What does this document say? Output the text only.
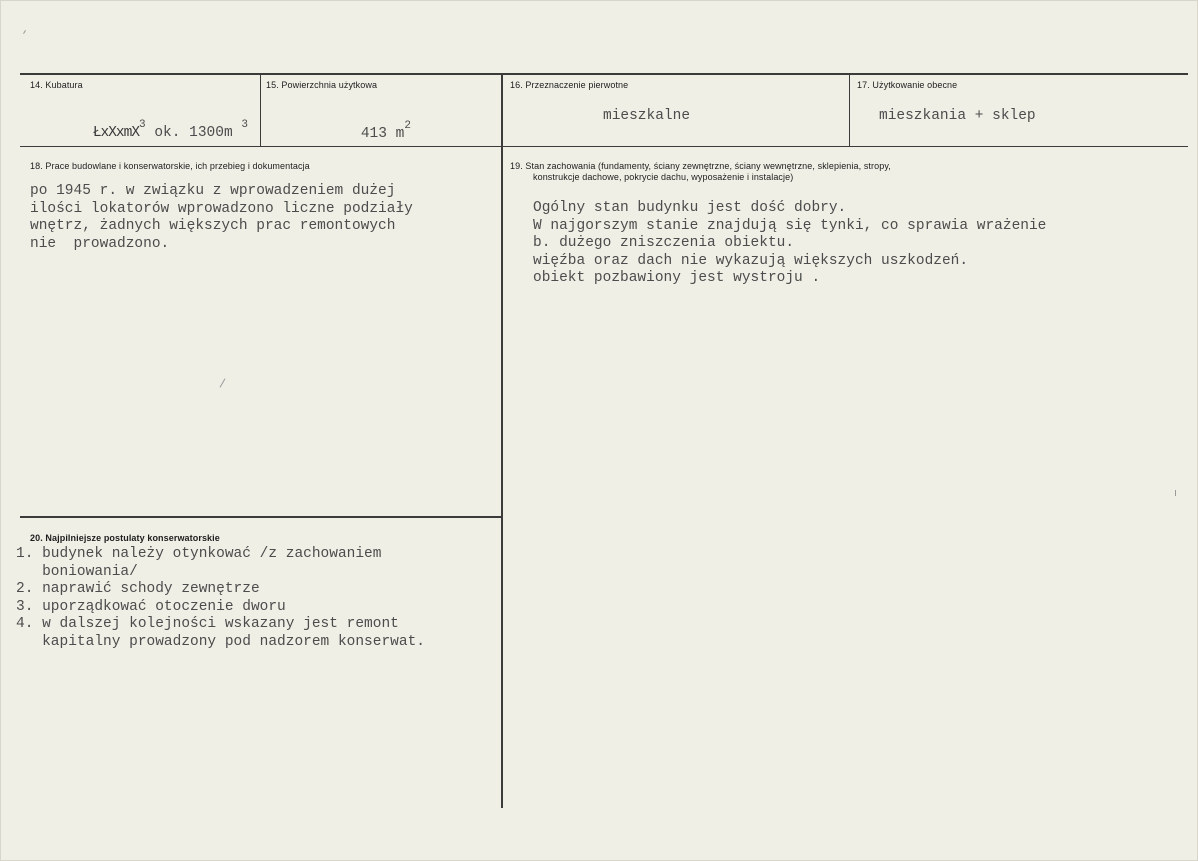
14. Kubatura

ŁxXxmX$^3$ ok. 1300m $^3$

15. Powierzchnia użytkowa

413 $m^2$

16. Przeznaczenie pierwotne
mieszkalne
17. Użytkowanie obecne
mieszkania + sklep
18. Prace budowlane i konserwatorskie, ich przebieg i dokumentacja
po 1945 r. w związku z wprowadzeniem dużej
ilości lokatorów wprowadzono liczne podziały
wnętrz, żadnych większych prac remontowych
nie  prowadzono.
19. Stan zachowania (fundamenty, ściany zewnętrzne, ściany wewnętrzne, sklepienia, stropy,
konstrukcje dachowe, pokrycie dachu, wyposażenie i instalacje)
Ogólny stan budynku jest dość dobry.
W najgorszym stanie znajdują się tynki, co sprawia wrażenie
b. dużego zniszczenia obiektu.
więźba oraz dach nie wykazują większych uszkodzeń.
obiekt pozbawiony jest wystroju .
20. Najpilniejsze postulaty konserwatorskie
1. budynek należy otynkować /z zachowaniem
boniowania/
2. naprawić schody zewnętrze
3. uporządkować otoczenie dworu
4. w dalszej kolejności wskazany jest remont
kapitalny prowadzony pod nadzorem konserwat.
